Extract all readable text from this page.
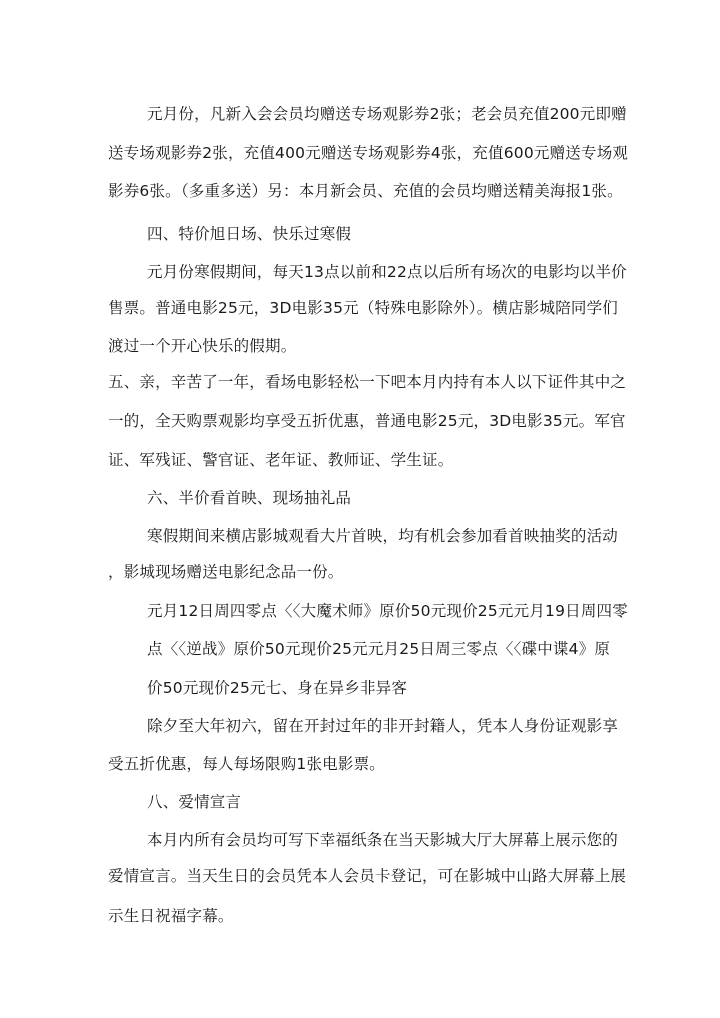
元月份，凡新入会会员均赠送专场观影券2张；老会员充值200元即赠
送专场观影券2张，充值400元赠送专场观影券4张，充值600元赠送专场观
影券6张。（多重多送）另：本月新会员、充值的会员均赠送精美海报1张。
四、特价旭日场、快乐过寒假
元月份寒假期间，每天13点以前和22点以后所有场次的电影均以半价
售票。普通电影25元，3D电影35元（特殊电影除外）。横店影城陪同学们
渡过一个开心快乐的假期。
五、亲，辛苦了一年，看场电影轻松一下吧本月内持有本人以下证件其中之
一的，全天购票观影均享受五折优惠，普通电影25元，3D电影35元。军官
证、军残证、警官证、老年证、教师证、学生证。
六、半价看首映、现场抽礼品
寒假期间来横店影城观看大片首映，均有机会参加看首映抽奖的活动
，影城现场赠送电影纪念品一份。
元月12日周四零点〈〈大魔术师》原价50元现价25元元月19日周四零
点〈〈逆战》原价50元现价25元元月25日周三零点〈〈碟中谍4》原
价50元现价25元七、身在异乡非异客
除夕至大年初六，留在开封过年的非开封籍人，凭本人身份证观影享
受五折优惠，每人每场限购1张电影票。
八、爱情宣言
本月内所有会员均可写下幸福纸条在当天影城大厅大屏幕上展示您的
爱情宣言。当天生日的会员凭本人会员卡登记，可在影城中山路大屏幕上展
示生日祝福字幕。
